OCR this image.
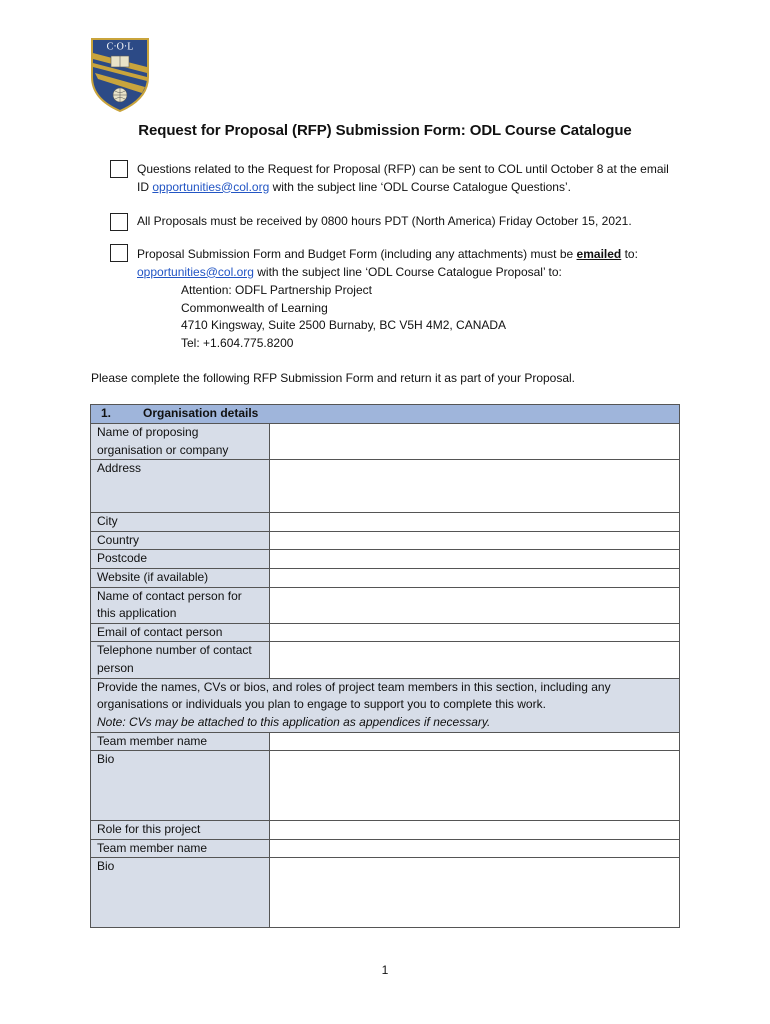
C·O·L
Request for Proposal (RFP) Submission Form: ODL Course Catalogue
Questions related to the Request for Proposal (RFP) can be sent to COL until October 8 at the email ID opportunities@col.org with the subject line ‘ODL Course Catalogue Questions’.
All Proposals must be received by 0800 hours PDT (North America) Friday October 15, 2021.
Proposal Submission Form and Budget Form (including any attachments) must be emailed to:
opportunities@col.org with the subject line ‘ODL Course Catalogue Proposal’ to:
Attention: ODFL Partnership Project
Commonwealth of Learning
4710 Kingsway, Suite 2500 Burnaby, BC V5H 4M2, CANADA
Tel: +1.604.775.8200
Please complete the following RFP Submission Form and return it as part of your Proposal.
1. Organisation details	
Name of proposing organisation or company	
Address	
City	
Country	
Postcode	
Website (if available)	
Name of contact person for this application	
Email of contact person	
Telephone number of contact person	

Provide the names, CVs or bios, and roles of project team members in this section, including any organisations or individuals you plan to engage to support you to complete this work.
Note: CVs may be attached to this application as appendices if necessary.	

Team member name	
Bio	
Role for this project	
Team member name	
Bio	
1
